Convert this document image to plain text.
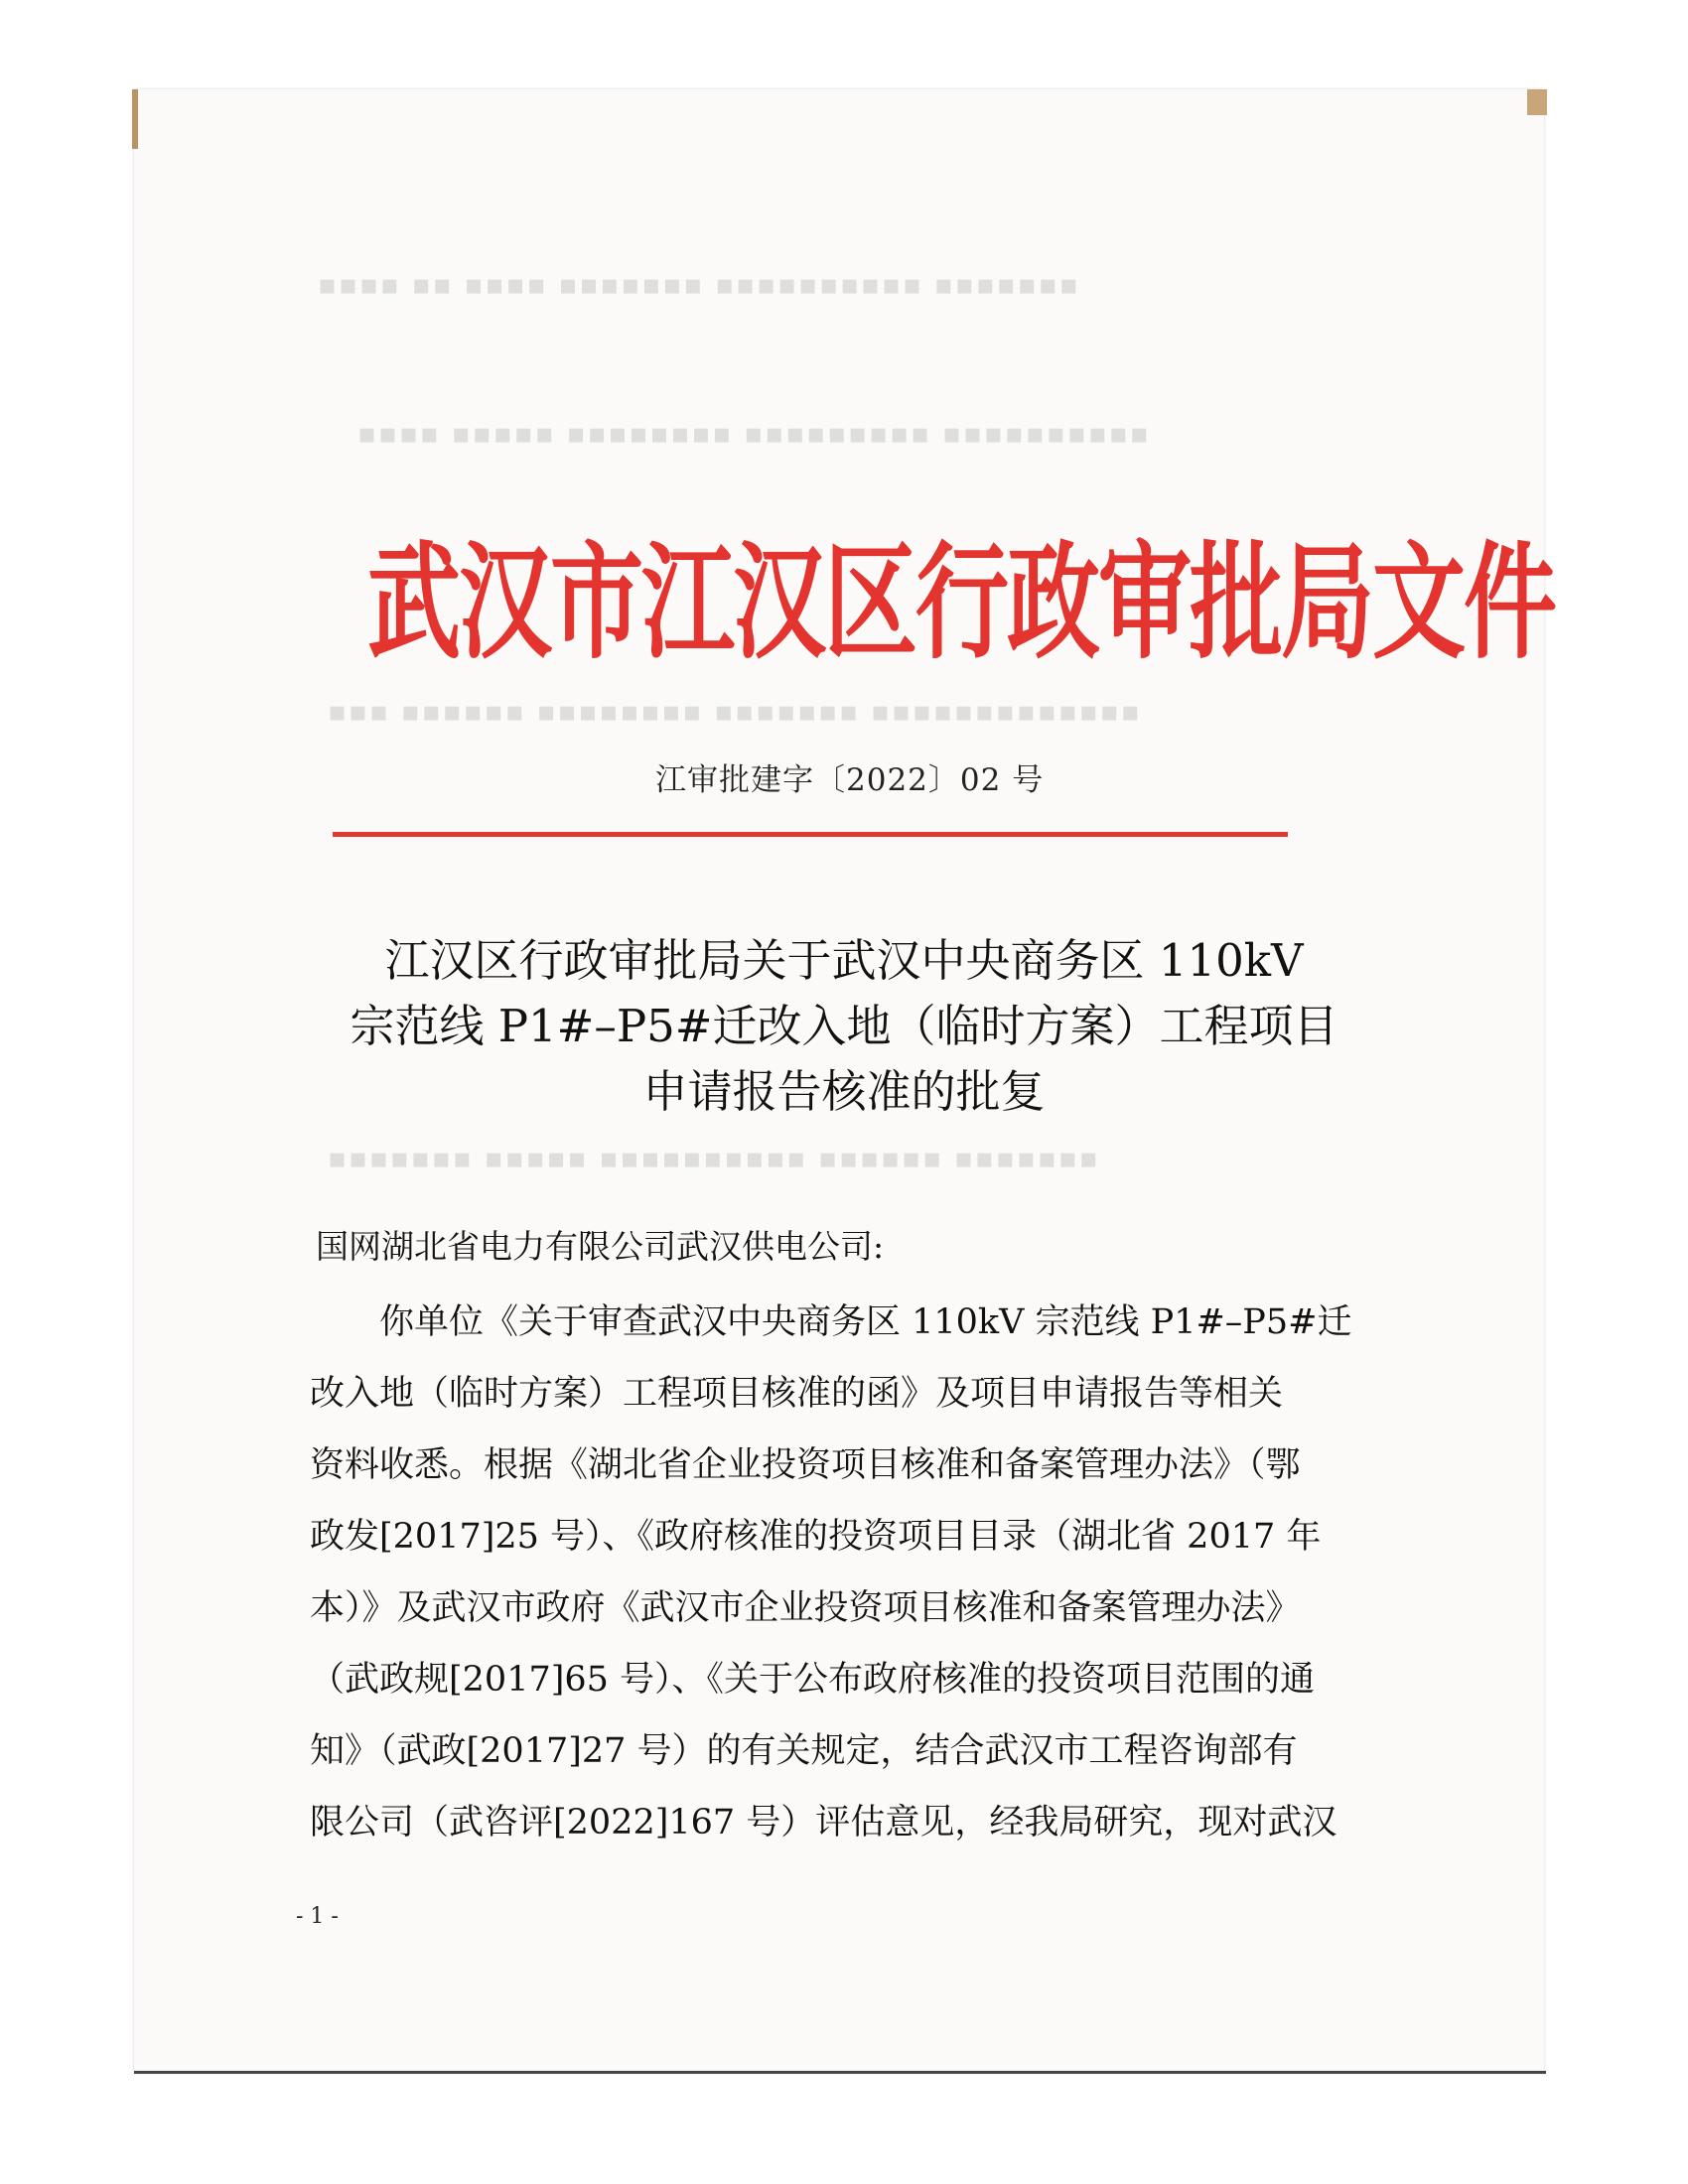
▪▪▪▪ ▪▪ ▪▪▪▪ ▪▪▪▪▪▪▪ ▪▪▪▪▪▪▪▪▪▪ ▪▪▪▪▪▪▪
▪▪▪▪ ▪▪▪▪▪ ▪▪▪▪▪▪▪▪ ▪▪▪▪▪▪▪▪▪ ▪▪▪▪▪▪▪▪▪▪
▪▪▪ ▪▪▪▪▪▪ ▪▪▪▪▪▪▪▪ ▪▪▪▪▪▪▪ ▪▪▪▪▪▪▪▪▪▪▪▪▪
▪▪▪▪▪▪▪ ▪▪▪▪▪ ▪▪▪▪▪▪▪▪▪▪ ▪▪▪▪▪▪ ▪▪▪▪▪▪▪
武汉市江汉区行政审批局文件
江审批建字〔2022〕02 号
江汉区行政审批局关于武汉中央商务区 110kV
宗范线 P1#–P5#迁改入地（临时方案）工程项目
申请报告核准的批复
国网湖北省电力有限公司武汉供电公司:
　　你单位《关于审查武汉中央商务区 110kV 宗范线 P1#–P5#迁
改入地（临时方案）工程项目核准的函》及项目申请报告等相关
资料收悉。根据《湖北省企业投资项目核准和备案管理办法》（鄂
政发[2017]25 号）、《政府核准的投资项目目录（湖北省 2017 年
本）》及武汉市政府《武汉市企业投资项目核准和备案管理办法》
（武政规[2017]65 号）、《关于公布政府核准的投资项目范围的通
知》（武政[2017]27 号）的有关规定，结合武汉市工程咨询部有
限公司（武咨评[2022]167 号）评估意见，经我局研究，现对武汉
- 1 -
